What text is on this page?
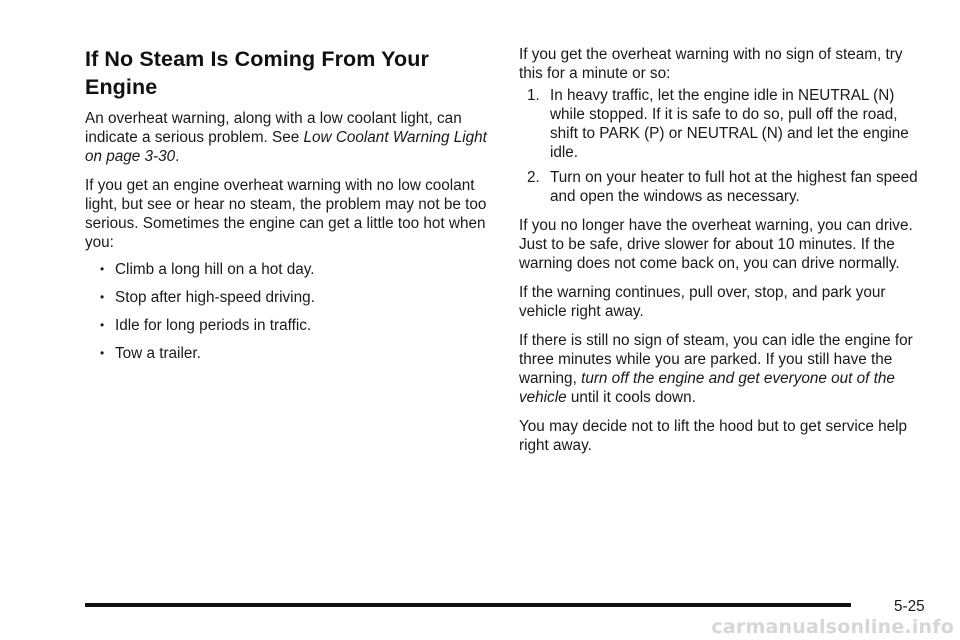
If No Steam Is Coming From Your Engine

An overheat warning, along with a low coolant light, can indicate a serious problem. See Low Coolant Warning Light on page 3-30.

If you get an engine overheat warning with no low coolant light, but see or hear no steam, the problem may not be too serious. Sometimes the engine can get a little too hot when you:

• Climb a long hill on a hot day.
• Stop after high-speed driving.
• Idle for long periods in traffic.
• Tow a trailer.

If you get the overheat warning with no sign of steam, try this for a minute or so:

1. In heavy traffic, let the engine idle in NEUTRAL (N) while stopped. If it is safe to do so, pull off the road, shift to PARK (P) or NEUTRAL (N) and let the engine idle.
2. Turn on your heater to full hot at the highest fan speed and open the windows as necessary.

If you no longer have the overheat warning, you can drive. Just to be safe, drive slower for about 10 minutes. If the warning does not come back on, you can drive normally.

If the warning continues, pull over, stop, and park your vehicle right away.

If there is still no sign of steam, you can idle the engine for three minutes while you are parked. If you still have the warning, turn off the engine and get everyone out of the vehicle until it cools down.

You may decide not to lift the hood but to get service help right away.

5-25
carmanualsonline.info
